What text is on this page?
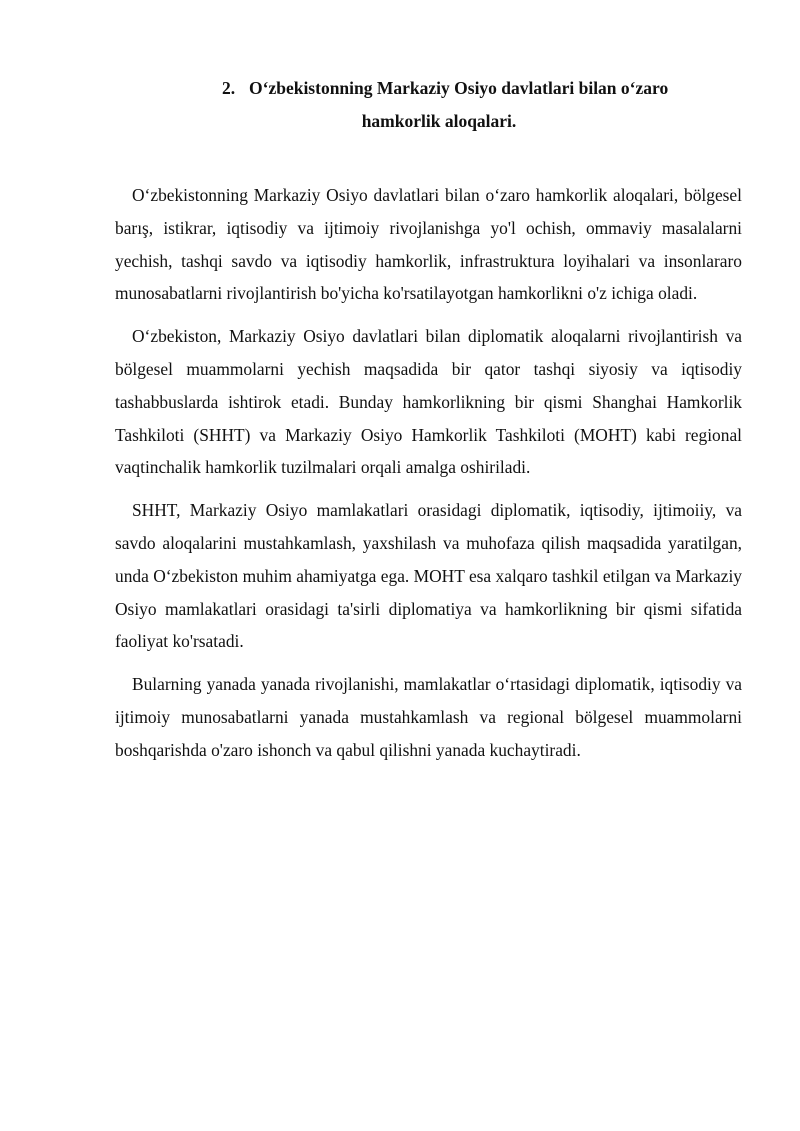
2. O‘zbekistonning Markaziy Osiyo davlatlari bilan o‘zaro
hamkorlik aloqalari.

O‘zbekistonning Markaziy Osiyo davlatlari bilan o‘zaro hamkorlik aloqalari, bölgesel barış, istikrar, iqtisodiy va ijtimoiy rivojlanishga yo'l ochish, ommaviy masalalarni yechish, tashqi savdo va iqtisodiy hamkorlik, infrastruktura loyihalari va insonlararo munosabatlarni rivojlantirish bo'yicha ko'rsatilayotgan hamkorlikni o'z ichiga oladi.

O‘zbekiston, Markaziy Osiyo davlatlari bilan diplomatik aloqalarni rivojlantirish va bölgesel muammolarni yechish maqsadida bir qator tashqi siyosiy va iqtisodiy tashabbuslarda ishtirok etadi. Bunday hamkorlikning bir qismi Shanghai Hamkorlik Tashkiloti (SHHT) va Markaziy Osiyo Hamkorlik Tashkiloti (MOHT) kabi regional vaqtinchalik hamkorlik tuzilmalari orqali amalga oshiriladi.

SHHT, Markaziy Osiyo mamlakatlari orasidagi diplomatik, iqtisodiy, ijtimoiiy, va savdo aloqalarini mustahkamlash, yaxshilash va muhofaza qilish maqsadida yaratilgan, unda O‘zbekiston muhim ahamiyatga ega. MOHT esa xalqaro tashkil etilgan va Markaziy Osiyo mamlakatlari orasidagi ta'sirli diplomatiya va hamkorlikning bir qismi sifatida faoliyat ko'rsatadi.

Bularning yanada yanada rivojlanishi, mamlakatlar o‘rtasidagi diplomatik, iqtisodiy va ijtimoiy munosabatlarni yanada mustahkamlash va regional bölgesel muammolarni boshqarishda o'zaro ishonch va qabul qilishni yanada kuchaytiradi.
